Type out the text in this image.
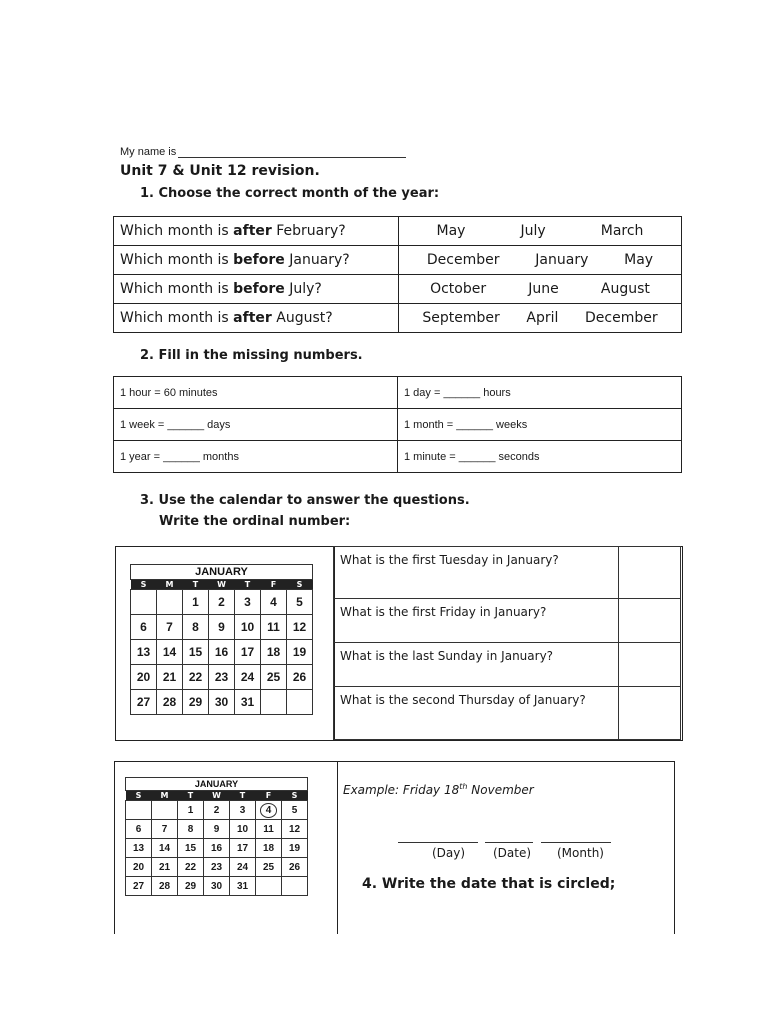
My name is
Unit 7 & Unit 12 revision.
1. Choose the correct month of the year:
Which month is after February?	May July March

Which month is before January?	December January May

Which month is before July?	October June August

Which month is after August?	September April December
2. Fill in the missing numbers.
1 hour = 60 minutes	1 day = ______ hours
1 week = ______ days	1 month = ______ weeks
1 year = ______ months	1 minute = ______ seconds
3. Use the calendar to answer the questions.
Write the ordinal number:
JANUARY						
S	M	T	W	T	F	S
		1	2	3	4	5
6	7	8	9	10	11	12
13	14	15	16	17	18	19
20	21	22	23	24	25	26
27	28	29	30	31		
What is the first Tuesday in January?	
What is the first Friday in January?	
What is the last Sunday in January?	
What is the second Thursday of January?	
JANUARY						
S	M	T	W	T	F	S
		1	2	3	4	5
6	7	8	9	10	11	12
13	14	15	16	17	18	19
20	21	22	23	24	25	26
27	28	29	30	31		
Example: Friday 18th November
(Day) (Date) (Month)
4. Write the date that is circled;
